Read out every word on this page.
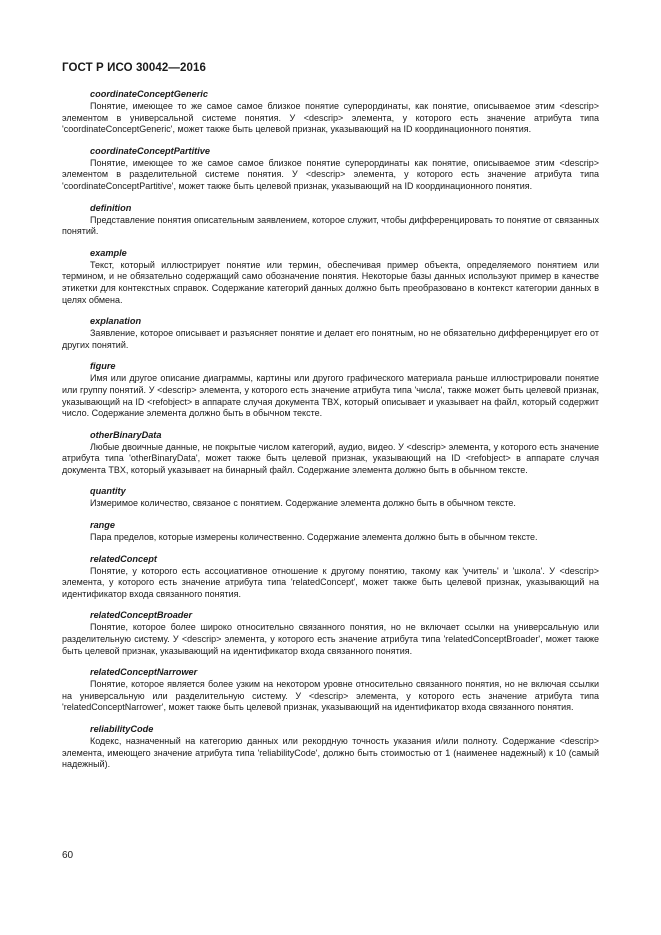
ГОСТ Р ИСО 30042—2016
coordinateConceptGeneric

Понятие, имеющее то же самое самое близкое понятие суперординаты, как понятие, описываемое этим <descrip> элементом в универсальной системе понятия. У <descrip> элемента, у которого есть значение атрибута типа 'coordinateConceptGeneric', может также быть целевой признак, указывающий на ID координационного понятия.

coordinateConceptPartitive

Понятие, имеющее то же самое самое близкое понятие суперординаты как понятие, описываемое этим <descrip> элементом в разделительной системе понятия. У <descrip> элемента, у которого есть значение атрибута типа 'coordinateConceptPartitive', может также быть целевой признак, указывающий на ID координационного понятия.

definition

Представление понятия описательным заявлением, которое служит, чтобы дифференцировать то понятие от связанных понятий.

example

Текст, который иллюстрирует понятие или термин, обеспечивая пример объекта, определяемого понятием или термином, и не обязательно содержащий само обозначение понятия. Некоторые базы данных используют пример в качестве этикетки для контекстных справок. Содержание категорий данных должно быть преобразовано в контекст категории данных в целях обмена.

explanation

Заявление, которое описывает и разъясняет понятие и делает его понятным, но не обязательно дифференцирует его от других понятий.

figure

Имя или другое описание диаграммы, картины или другого графического материала раньше иллюстрировали понятие или группу понятий. У <descrip> элемента, у которого есть значение атрибута типа 'числа', также может быть целевой признак, указывающий на ID <refobject> в аппарате случая документа TBX, который описывает и указывает на файл, который содержит число. Содержание элемента должно быть в обычном тексте.

otherBinaryData

Любые двоичные данные, не покрытые числом категорий, аудио, видео. У <descrip> элемента, у которого есть значение атрибута типа 'otherBinaryData', может также быть целевой признак, указывающий на ID <refobject> в аппарате случая документа TBX, который указывает на бинарный файл. Содержание элемента должно быть в обычном тексте.

quantity

Измеримое количество, связаное с понятием. Содержание элемента должно быть в обычном тексте.

range

Пара пределов, которые измерены количественно. Содержание элемента должно быть в обычном тексте.

relatedConcept

Понятие, у которого есть ассоциативное отношение к другому понятию, такому как 'учитель' и 'школа'. У <descrip> элемента, у которого есть значение атрибута типа 'relatedConcept', может также быть целевой признак, указывающий на идентификатор входа связанного понятия.

relatedConceptBroader

Понятие, которое более широко относительно связанного понятия, но не включает ссылки на универсальную или разделительную систему. У <descrip> элемента, у которого есть значение атрибута типа 'relatedConceptBroader', может также быть целевой признак, указывающий на идентификатор входа связанного понятия.

relatedConceptNarrower

Понятие, которое является более узким на некотором уровне относительно связанного понятия, но не включая ссылки на универсальную или разделительную систему. У <descrip> элемента, у которого есть значение атрибута типа 'relatedConceptNarrower', может также быть целевой признак, указывающий на идентификатор входа связанного понятия.

reliabilityCode

Кодекс, назначенный на категорию данных или рекордную точность указания и/или полноту. Содержание <descrip> элемента, имеющего значение атрибута типа 'reliabilityCode', должно быть стоимостью от 1 (наименее надежный) к 10 (самый надежный).

60
